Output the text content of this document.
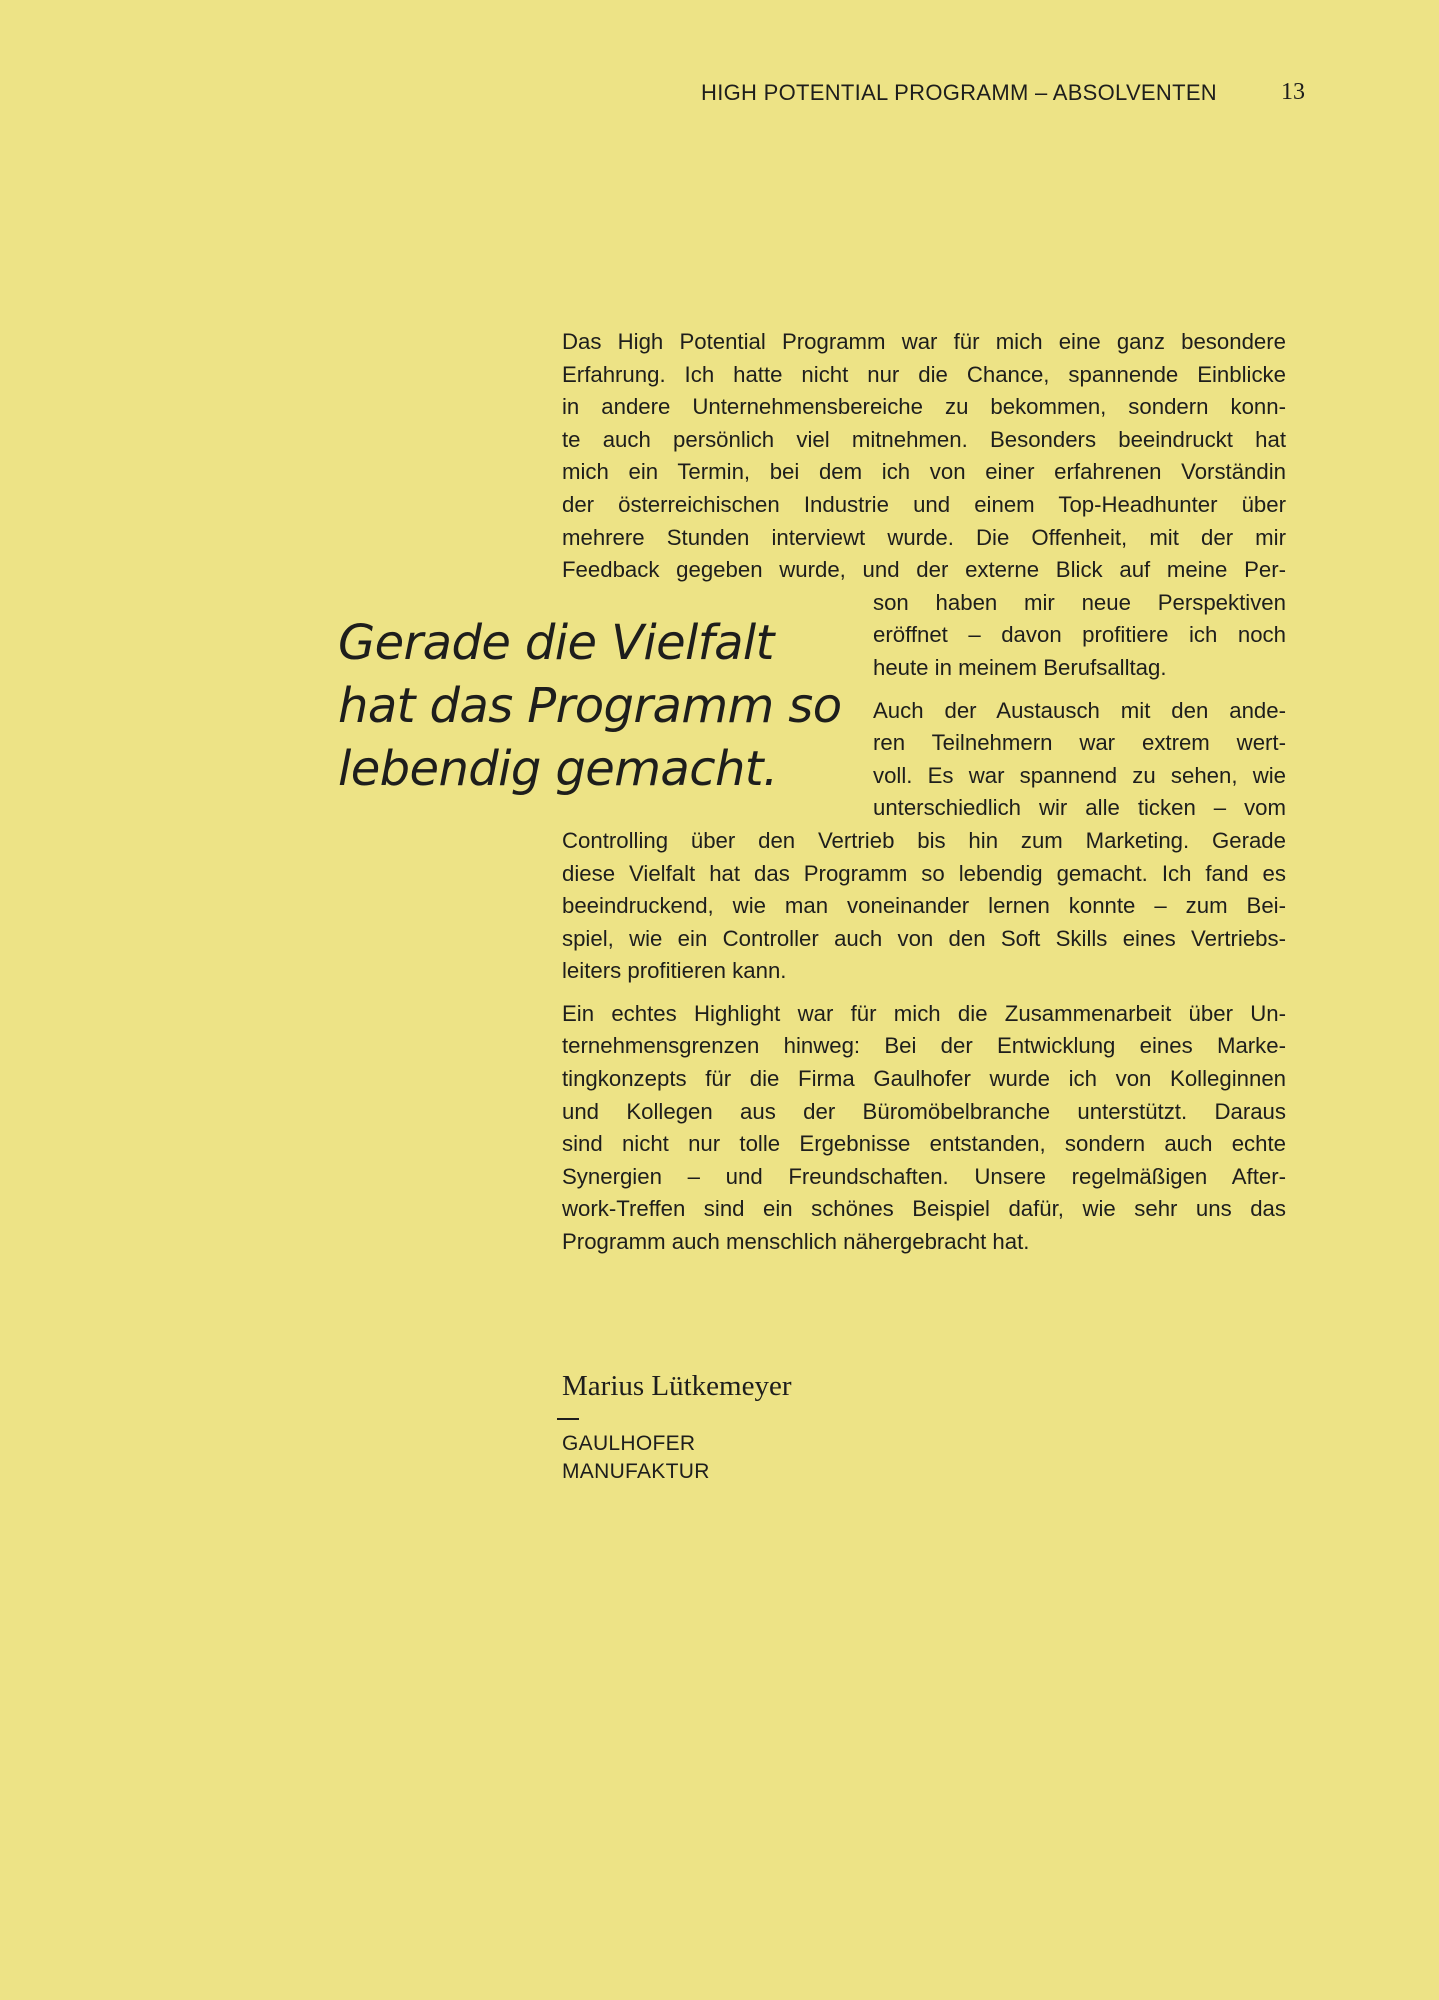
HIGH POTENTIAL PROGRAMM – ABSOLVENTEN	13
Gerade die Vielfalt
hat das Programm so
lebendig gemacht.

Das High Potential Programm war für mich eine ganz besondere
Erfahrung. Ich hatte nicht nur die Chance, spannende Einblicke
in andere Unternehmensbereiche zu bekommen, sondern konn-
te auch persönlich viel mitnehmen. Besonders beeindruckt hat
mich ein Termin, bei dem ich von einer erfahrenen Vorständin
der österreichischen Industrie und einem Top-Headhunter über
mehrere Stunden interviewt wurde. Die Offenheit, mit der mir
Feedback gegeben wurde, und der externe Blick auf meine Per-
son haben mir neue Perspektiven
eröffnet – davon profitiere ich noch
heute in meinem Berufsalltag.

Auch der Austausch mit den ande-
ren Teilnehmern war extrem wert-
voll. Es war spannend zu sehen, wie
unterschiedlich wir alle ticken – vom
Controlling über den Vertrieb bis hin zum Marketing. Gerade
diese Vielfalt hat das Programm so lebendig gemacht. Ich fand es
beeindruckend, wie man voneinander lernen konnte – zum Bei-
spiel, wie ein Controller auch von den Soft Skills eines Vertriebs-
leiters profitieren kann.

Ein echtes Highlight war für mich die Zusammenarbeit über Un-
ternehmensgrenzen hinweg: Bei der Entwicklung eines Marke-
tingkonzepts für die Firma Gaulhofer wurde ich von Kolleginnen
und Kollegen aus der Büromöbelbranche unterstützt. Daraus
sind nicht nur tolle Ergebnisse entstanden, sondern auch echte
Synergien – und Freundschaften. Unsere regelmäßigen After-
work-Treffen sind ein schönes Beispiel dafür, wie sehr uns das
Programm auch menschlich nähergebracht hat.

Marius Lütkemeyer
GAULHOFER
MANUFAKTUR
